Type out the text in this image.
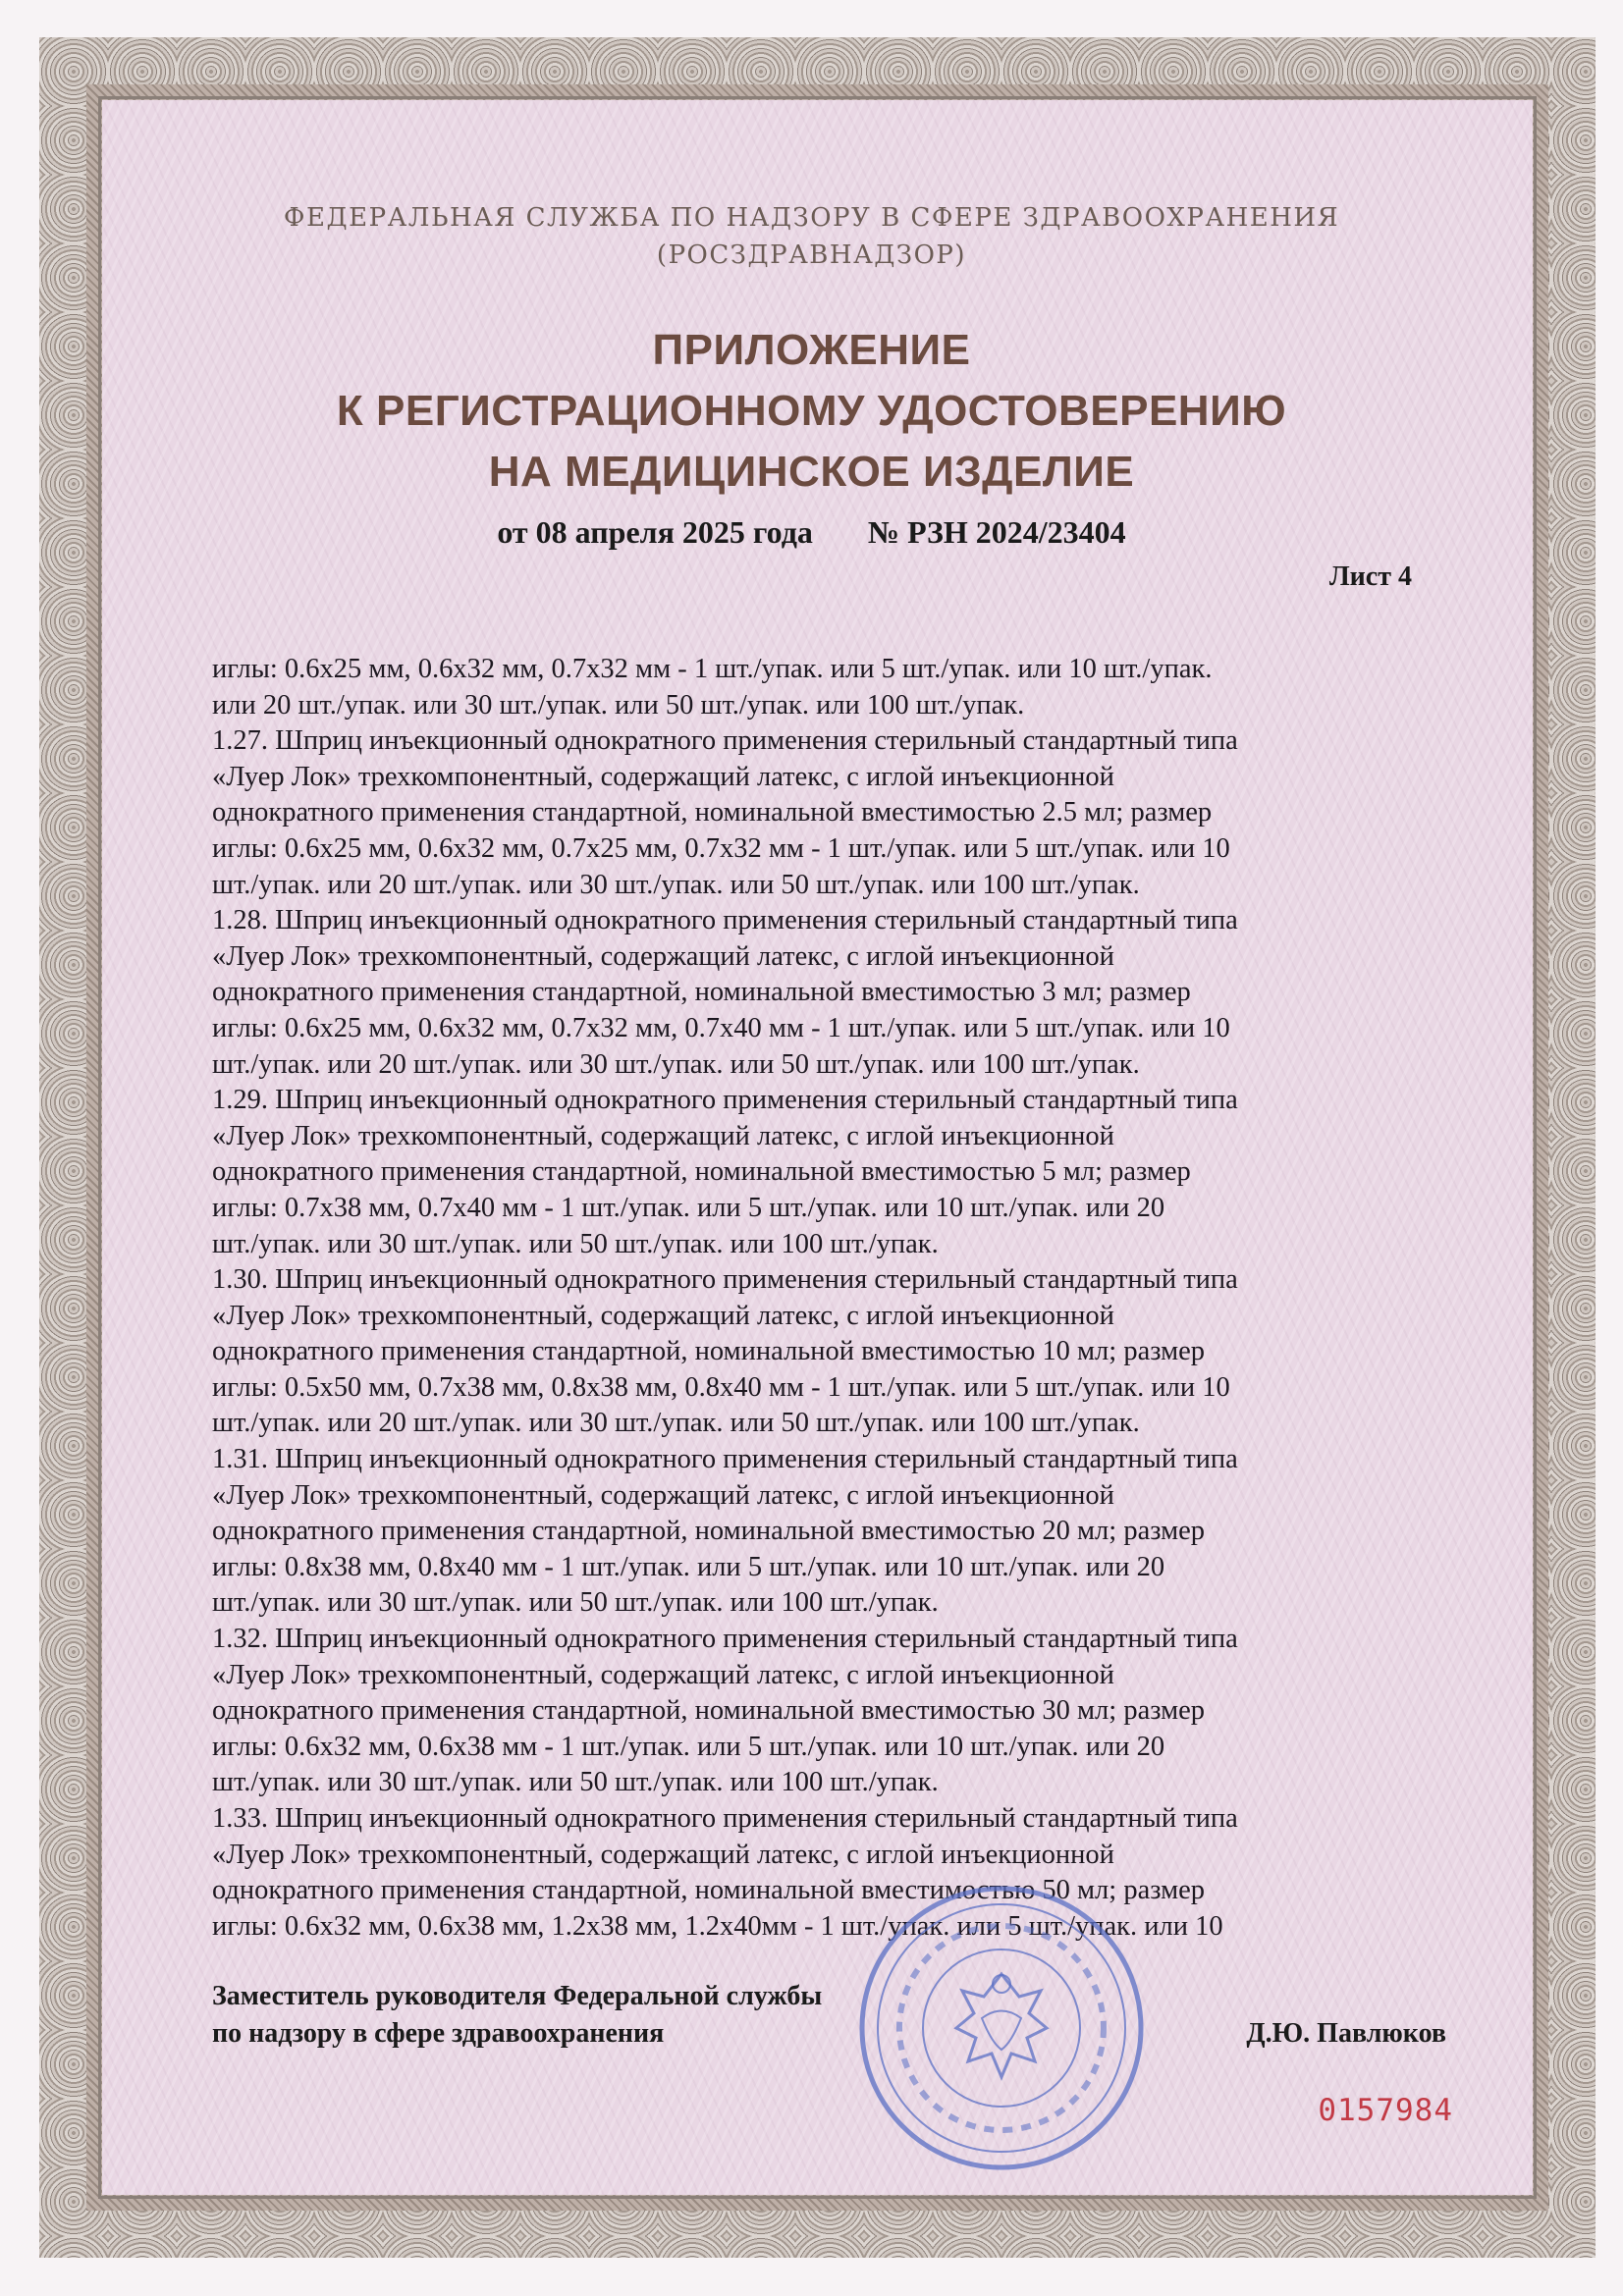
ФЕДЕРАЛЬНАЯ СЛУЖБА ПО НАДЗОРУ В СФЕРЕ ЗДРАВООХРАНЕНИЯ
(РОСЗДРАВНАДЗОР)
ПРИЛОЖЕНИЕ
К РЕГИСТРАЦИОННОМУ УДОСТОВЕРЕНИЮ
НА МЕДИЦИНСКОЕ ИЗДЕЛИЕ
от 08 апреля 2025 года № РЗН 2024/23404
Лист 4
иглы: 0.6х25 мм, 0.6х32 мм, 0.7х32 мм - 1 шт./упак. или 5 шт./упак. или 10 шт./упак.
или 20 шт./упак. или 30 шт./упак. или 50 шт./упак. или 100 шт./упак.
1.27. Шприц инъекционный однократного применения стерильный стандартный типа
«Луер Лок» трехкомпонентный, содержащий латекс, с иглой инъекционной
однократного применения стандартной, номинальной вместимостью 2.5 мл; размер
иглы: 0.6х25 мм, 0.6х32 мм, 0.7х25 мм, 0.7х32 мм - 1 шт./упак. или 5 шт./упак. или 10
шт./упак. или 20 шт./упак. или 30 шт./упак. или 50 шт./упак. или 100 шт./упак.
1.28. Шприц инъекционный однократного применения стерильный стандартный типа
«Луер Лок» трехкомпонентный, содержащий латекс, с иглой инъекционной
однократного применения стандартной, номинальной вместимостью 3 мл; размер
иглы: 0.6х25 мм, 0.6х32 мм, 0.7х32 мм, 0.7х40 мм - 1 шт./упак. или 5 шт./упак. или 10
шт./упак. или 20 шт./упак. или 30 шт./упак. или 50 шт./упак. или 100 шт./упак.
1.29. Шприц инъекционный однократного применения стерильный стандартный типа
«Луер Лок» трехкомпонентный, содержащий латекс, с иглой инъекционной
однократного применения стандартной, номинальной вместимостью 5 мл; размер
иглы: 0.7х38 мм, 0.7х40 мм - 1 шт./упак. или 5 шт./упак. или 10 шт./упак. или 20
шт./упак. или 30 шт./упак. или 50 шт./упак. или 100 шт./упак.
1.30. Шприц инъекционный однократного применения стерильный стандартный типа
«Луер Лок» трехкомпонентный, содержащий латекс, с иглой инъекционной
однократного применения стандартной, номинальной вместимостью 10 мл; размер
иглы: 0.5х50 мм, 0.7х38 мм, 0.8х38 мм, 0.8х40 мм - 1 шт./упак. или 5 шт./упак. или 10
шт./упак. или 20 шт./упак. или 30 шт./упак. или 50 шт./упак. или 100 шт./упак.
1.31. Шприц инъекционный однократного применения стерильный стандартный типа
«Луер Лок» трехкомпонентный, содержащий латекс, с иглой инъекционной
однократного применения стандартной, номинальной вместимостью 20 мл; размер
иглы: 0.8х38 мм, 0.8х40 мм - 1 шт./упак. или 5 шт./упак. или 10 шт./упак. или 20
шт./упак. или 30 шт./упак. или 50 шт./упак. или 100 шт./упак.
1.32. Шприц инъекционный однократного применения стерильный стандартный типа
«Луер Лок» трехкомпонентный, содержащий латекс, с иглой инъекционной
однократного применения стандартной, номинальной вместимостью 30 мл; размер
иглы: 0.6х32 мм, 0.6х38 мм - 1 шт./упак. или 5 шт./упак. или 10 шт./упак. или 20
шт./упак. или 30 шт./упак. или 50 шт./упак. или 100 шт./упак.
1.33. Шприц инъекционный однократного применения стерильный стандартный типа
«Луер Лок» трехкомпонентный, содержащий латекс, с иглой инъекционной
однократного применения стандартной, номинальной вместимостью 50 мл; размер
иглы: 0.6х32 мм, 0.6х38 мм, 1.2х38 мм, 1.2х40мм - 1 шт./упак. или 5 шт./упак. или 10
Заместитель руководителя Федеральной службы
по надзору в сфере здравоохранения	Д.Ю. Павлюков
0157984
